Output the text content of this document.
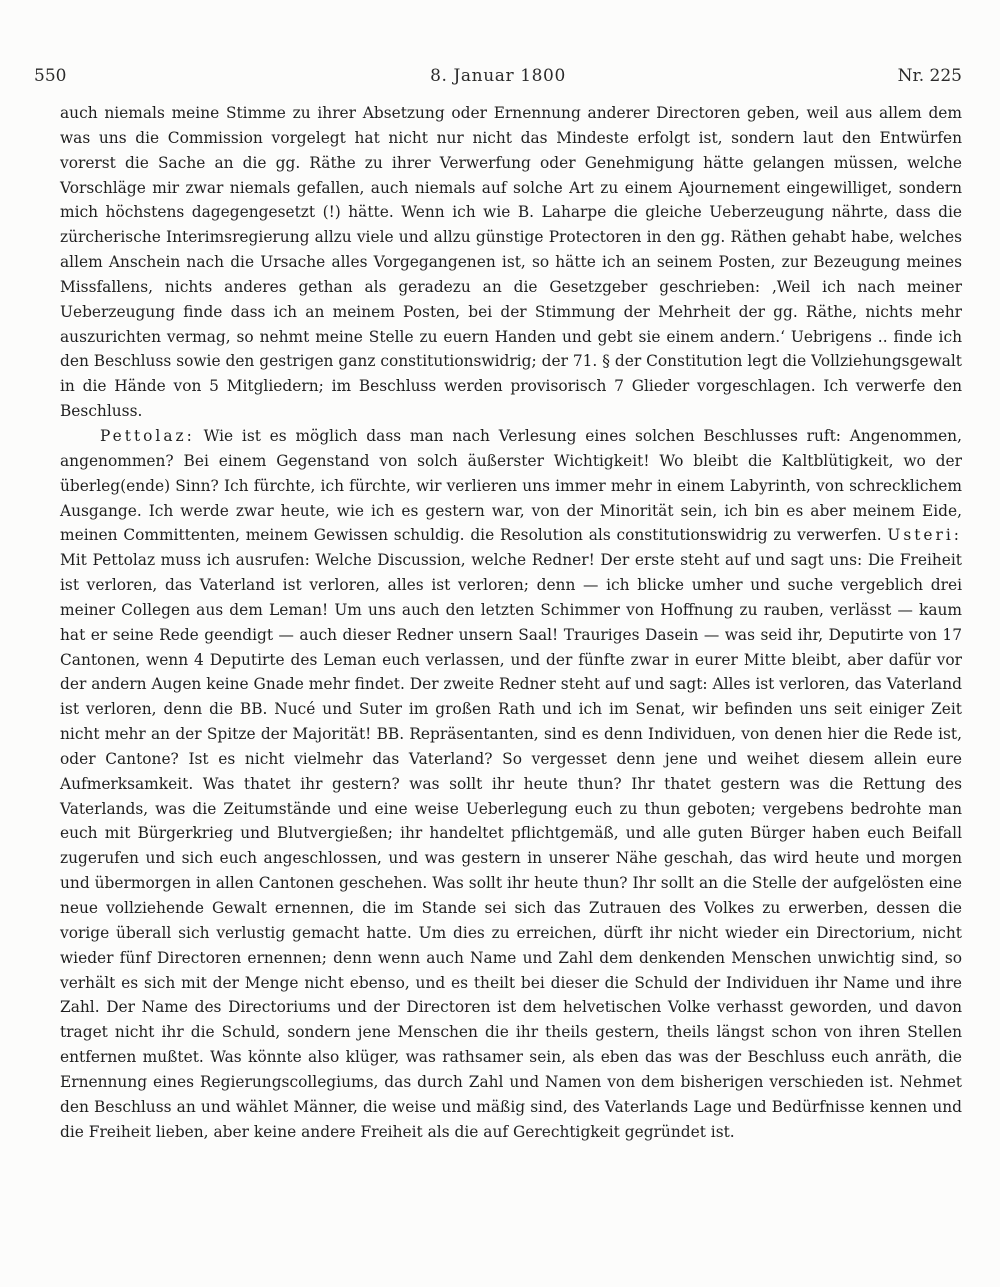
550	8. Januar 1800	Nr. 225

auch niemals meine Stimme zu ihrer Absetzung oder Ernennung anderer Directoren geben, weil aus allem dem was uns die Commission vorgelegt hat nicht nur nicht das Mindeste erfolgt ist, sondern laut den Entwürfen vorerst die Sache an die gg. Räthe zu ihrer Verwerfung oder Genehmigung hätte gelangen müssen, welche Vorschläge mir zwar niemals gefallen, auch niemals auf solche Art zu einem Ajournement eingewilliget, sondern mich höchstens dagegengesetzt (!) hätte. Wenn ich wie B. Laharpe die gleiche Ueberzeugung nährte, dass die zürcherische Interimsregierung allzu viele und allzu günstige Protectoren in den gg. Räthen gehabt habe, welches allem Anschein nach die Ursache alles Vorgegangenen ist, so hätte ich an seinem Posten, zur Bezeugung meines Missfallens, nichts anderes gethan als geradezu an die Gesetzgeber geschrieben: ‚Weil ich nach meiner Ueberzeugung finde dass ich an meinem Posten, bei der Stimmung der Mehrheit der gg. Räthe, nichts mehr auszurichten vermag, so nehmt meine Stelle zu euern Handen und gebt sie einem andern.‘ Uebrigens .. finde ich den Beschluss sowie den gestrigen ganz constitutionswidrig; der 71. § der Constitution legt die Vollziehungsgewalt in die Hände von 5 Mitgliedern; im Beschluss werden provisorisch 7 Glieder vorgeschlagen. Ich verwerfe den Beschluss.

Pettolaz: Wie ist es möglich dass man nach Verlesung eines solchen Beschlusses ruft: Angenommen, angenommen? Bei einem Gegenstand von solch äußerster Wichtigkeit! Wo bleibt die Kaltblütigkeit, wo der überleg(ende) Sinn? Ich fürchte, ich fürchte, wir verlieren uns immer mehr in einem Labyrinth, von schrecklichem Ausgange. Ich werde zwar heute, wie ich es gestern war, von der Minorität sein, ich bin es aber meinem Eide, meinen Committenten, meinem Gewissen schuldig. die Resolution als constitutionswidrig zu verwerfen. Usteri: Mit Pettolaz muss ich ausrufen: Welche Discussion, welche Redner! Der erste steht auf und sagt uns: Die Freiheit ist verloren, das Vaterland ist verloren, alles ist verloren; denn — ich blicke umher und suche vergeblich drei meiner Collegen aus dem Leman! Um uns auch den letzten Schimmer von Hoffnung zu rauben, verlässt — kaum hat er seine Rede geendigt — auch dieser Redner unsern Saal! Trauriges Dasein — was seid ihr, Deputirte von 17 Cantonen, wenn 4 Deputirte des Leman euch verlassen, und der fünfte zwar in eurer Mitte bleibt, aber dafür vor der andern Augen keine Gnade mehr findet. Der zweite Redner steht auf und sagt: Alles ist verloren, das Vaterland ist verloren, denn die BB. Nucé und Suter im großen Rath und ich im Senat, wir befinden uns seit einiger Zeit nicht mehr an der Spitze der Majorität! BB. Repräsentanten, sind es denn Individuen, von denen hier die Rede ist, oder Cantone? Ist es nicht vielmehr das Vaterland? So vergesset denn jene und weihet diesem allein eure Aufmerksamkeit. Was thatet ihr gestern? was sollt ihr heute thun? Ihr thatet gestern was die Rettung des Vaterlands, was die Zeitumstände und eine weise Ueberlegung euch zu thun geboten; vergebens bedrohte man euch mit Bürgerkrieg und Blutvergießen; ihr handeltet pflichtgemäß, und alle guten Bürger haben euch Beifall zugerufen und sich euch angeschlossen, und was gestern in unserer Nähe geschah, das wird heute und morgen und übermorgen in allen Cantonen geschehen. Was sollt ihr heute thun? Ihr sollt an die Stelle der aufgelösten eine neue vollziehende Gewalt ernennen, die im Stande sei sich das Zutrauen des Volkes zu erwerben, dessen die vorige überall sich verlustig gemacht hatte. Um dies zu erreichen, dürft ihr nicht wieder ein Directorium, nicht wieder fünf Directoren ernennen; denn wenn auch Name und Zahl dem denkenden Menschen unwichtig sind, so verhält es sich mit der Menge nicht ebenso, und es theilt bei dieser die Schuld der Individuen ihr Name und ihre Zahl. Der Name des Directoriums und der Directoren ist dem helvetischen Volke verhasst geworden, und davon traget nicht ihr die Schuld, sondern jene Menschen die ihr theils gestern, theils längst schon von ihren Stellen entfernen mußtet. Was könnte also klüger, was rathsamer sein, als eben das was der Beschluss euch anräth, die Ernennung eines Regierungscollegiums, das durch Zahl und Namen von dem bisherigen verschieden ist. Nehmet den Beschluss an und wählet Männer, die weise und mäßig sind, des Vaterlands Lage und Bedürfnisse kennen und die Freiheit lieben, aber keine andere Freiheit als die auf Gerechtigkeit gegründet ist.
